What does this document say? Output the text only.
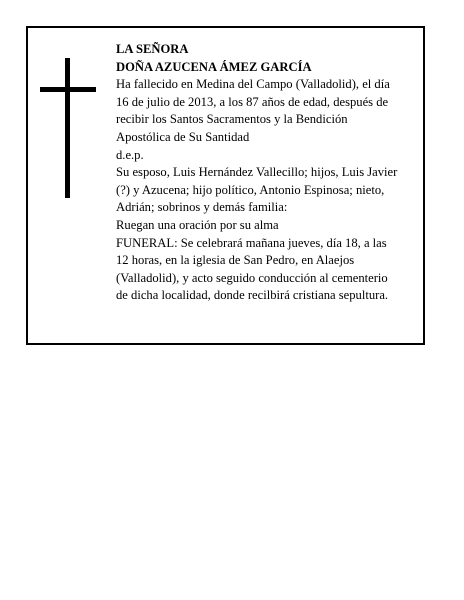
LA SEÑORA
DOÑA AZUCENA ÁMEZ GARCÍA
Ha fallecido en Medina del Campo (Valladolid), el día
16 de julio de 2013, a los 87 años de edad, después de
recibir los Santos Sacramentos y la Bendición
Apostólica de Su Santidad
d.e.p.
Su esposo, Luis Hernández Vallecillo; hijos, Luis Javier
(?) y Azucena; hijo político, Antonio Espinosa; nieto,
Adrián; sobrinos y demás familia:
Ruegan una oración por su alma
FUNERAL: Se celebrará mañana jueves, día 18, a las
12 horas, en la iglesia de San Pedro, en Alaejos
(Valladolid), y acto seguido conducción al cementerio
de dicha localidad, donde recilbirá cristiana sepultura.
